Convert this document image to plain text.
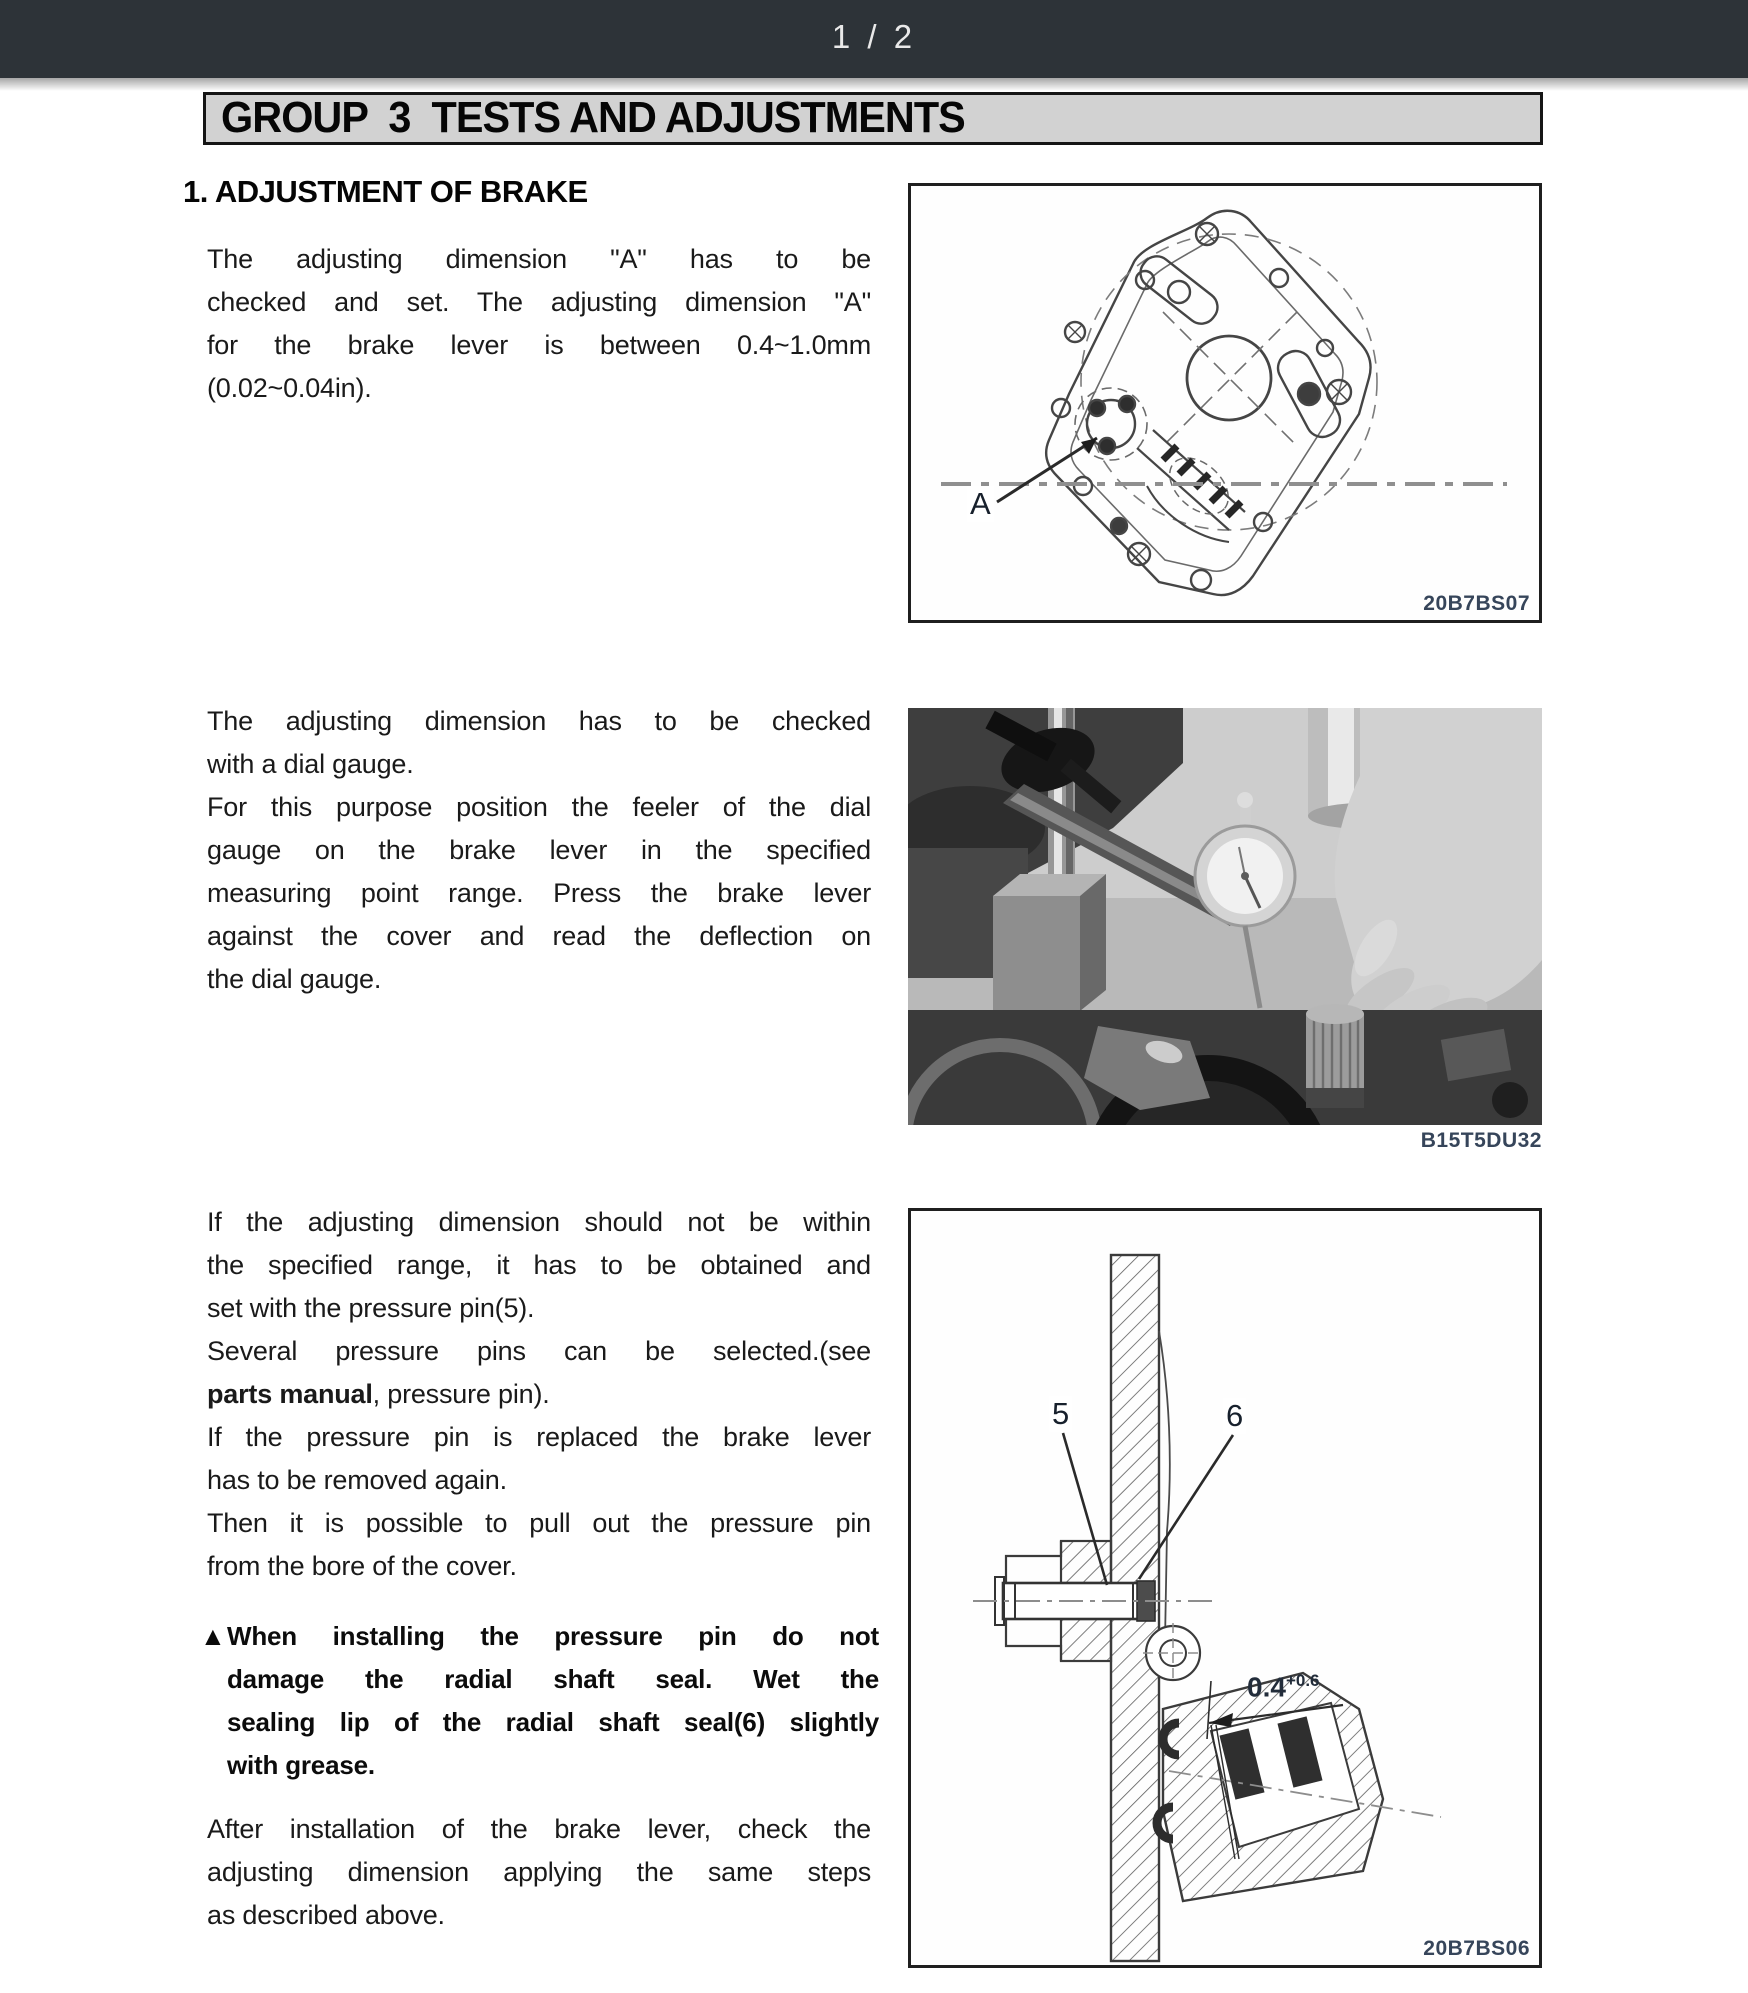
1 / 2
GROUP  3  TESTS AND ADJUSTMENTS
1. ADJUSTMENT OF BRAKE
The adjusting dimension "A" has to be
checked and set. The adjusting dimension "A"
for the brake lever is between 0.4~1.0mm
(0.02~0.04in).
A
20B7BS07
The adjusting dimension has to be checked
with a dial gauge.
For this purpose position the feeler of the dial
gauge on the brake lever in the specified
measuring point range. Press the brake lever
against the cover and read the deflection on
the dial gauge.
B15T5DU32
If the adjusting dimension should not be within
the specified range, it has to be obtained and
set with the pressure pin(5).
Several pressure pins can be selected.(see
parts manual, pressure pin).
If the pressure pin is replaced the brake lever
has to be removed again.
Then it is possible to pull out the pressure pin
from the bore of the cover.
▲ When installing the pressure pin do not
damage the radial shaft seal. Wet the
sealing lip of the radial shaft seal(6) slightly
with grease.
After installation of the brake lever, check the
adjusting dimension applying the same steps
as described above.
5	6
$0.4^{+0.6}$
20B7BS06
